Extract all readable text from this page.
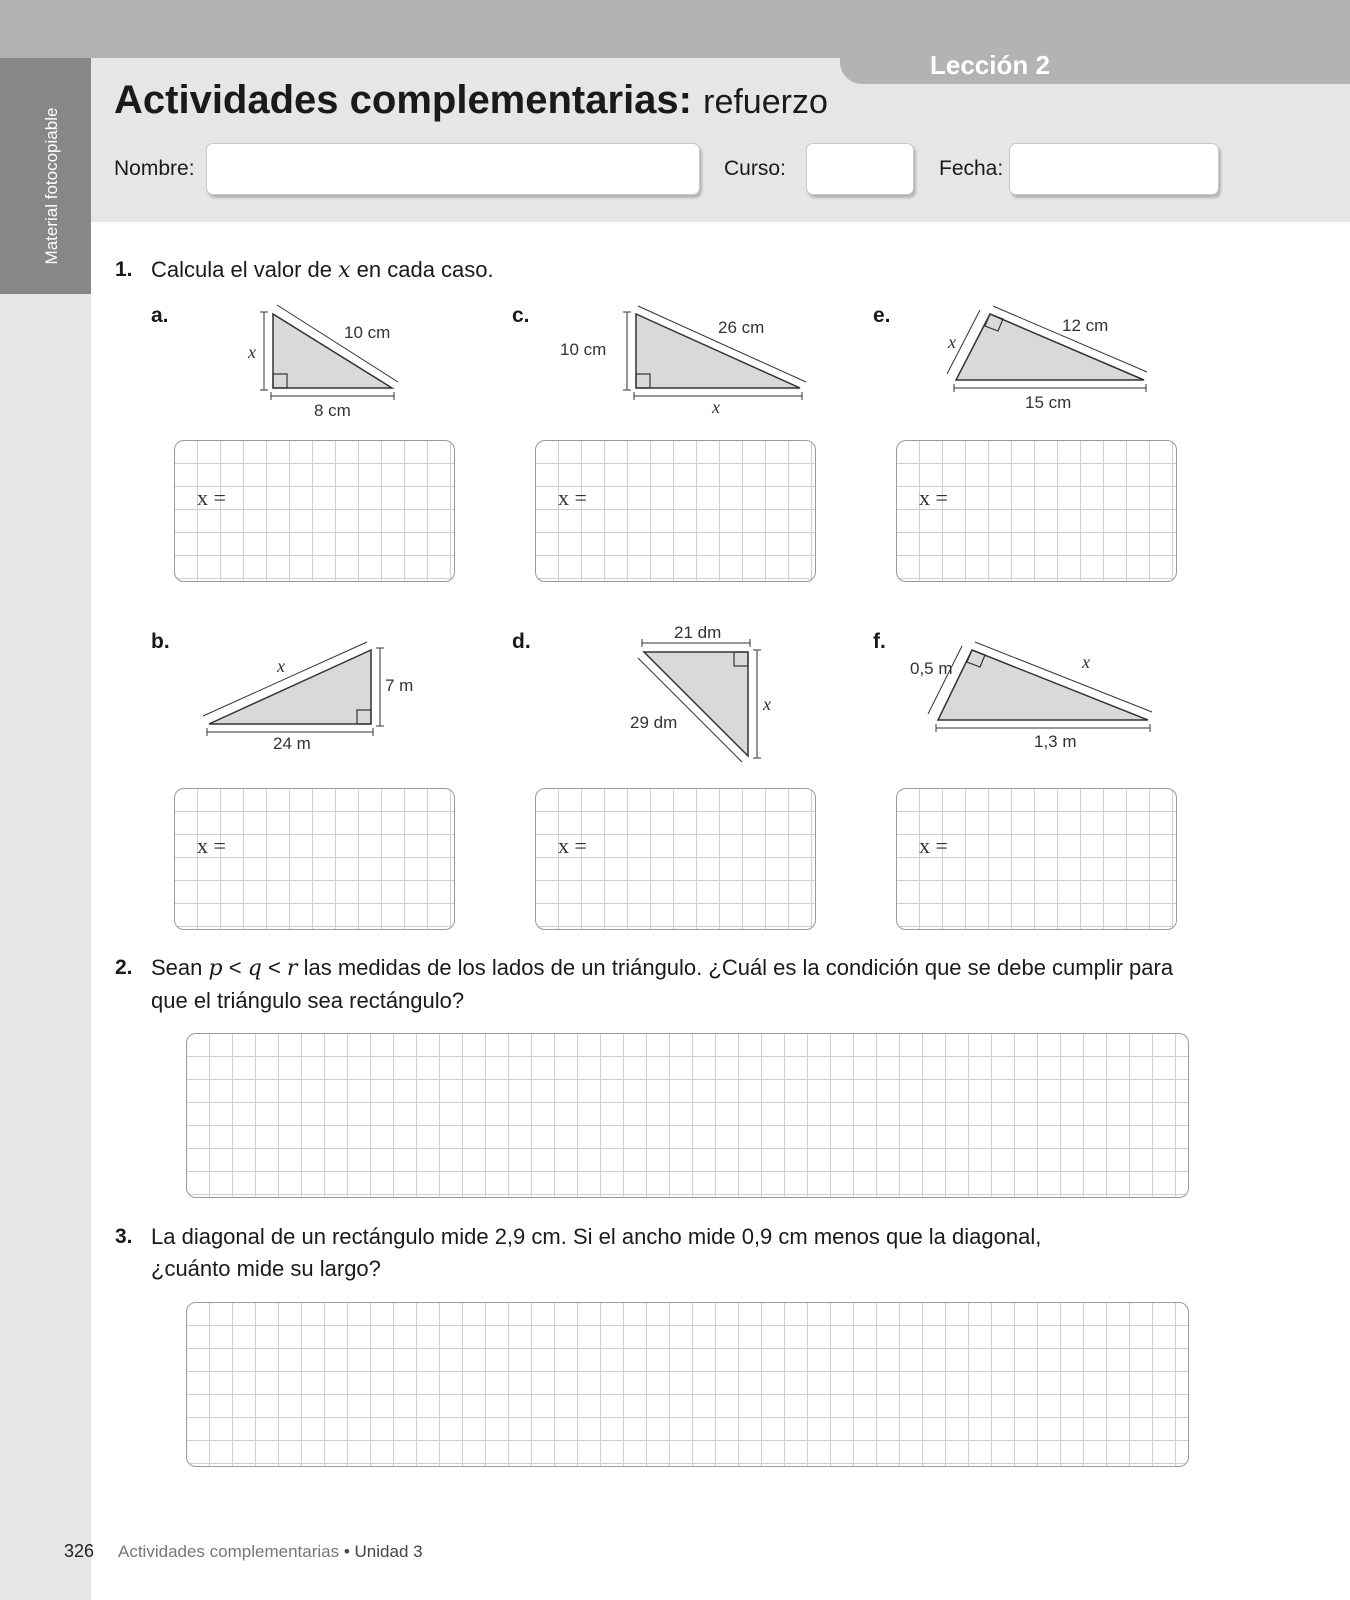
Material fotocopiable
Lección 2
Actividades complementarias: refuerzo
Nombre:	Curso:	Fecha:
1. Calcula el valor de x en cada caso.
a.	c.	e.
b.	d.	f.
x
10 cm
8 cm
10 cm
26 cm
x
x
12 cm
15 cm
x
7 m
24 m
21 dm
x
29 dm
0,5 m	x
1,3 m
x =	x =	x =
x =	x =	x =
2. Sean p < q < r las medidas de los lados de un triángulo. ¿Cuál es la condición que se debe cumplir para
que el triángulo sea rectángulo?
3. La diagonal de un rectángulo mide 2,9 cm. Si el ancho mide 0,9 cm menos que la diagonal,
¿cuánto mide su largo?
326 Actividades complementarias • Unidad 3
